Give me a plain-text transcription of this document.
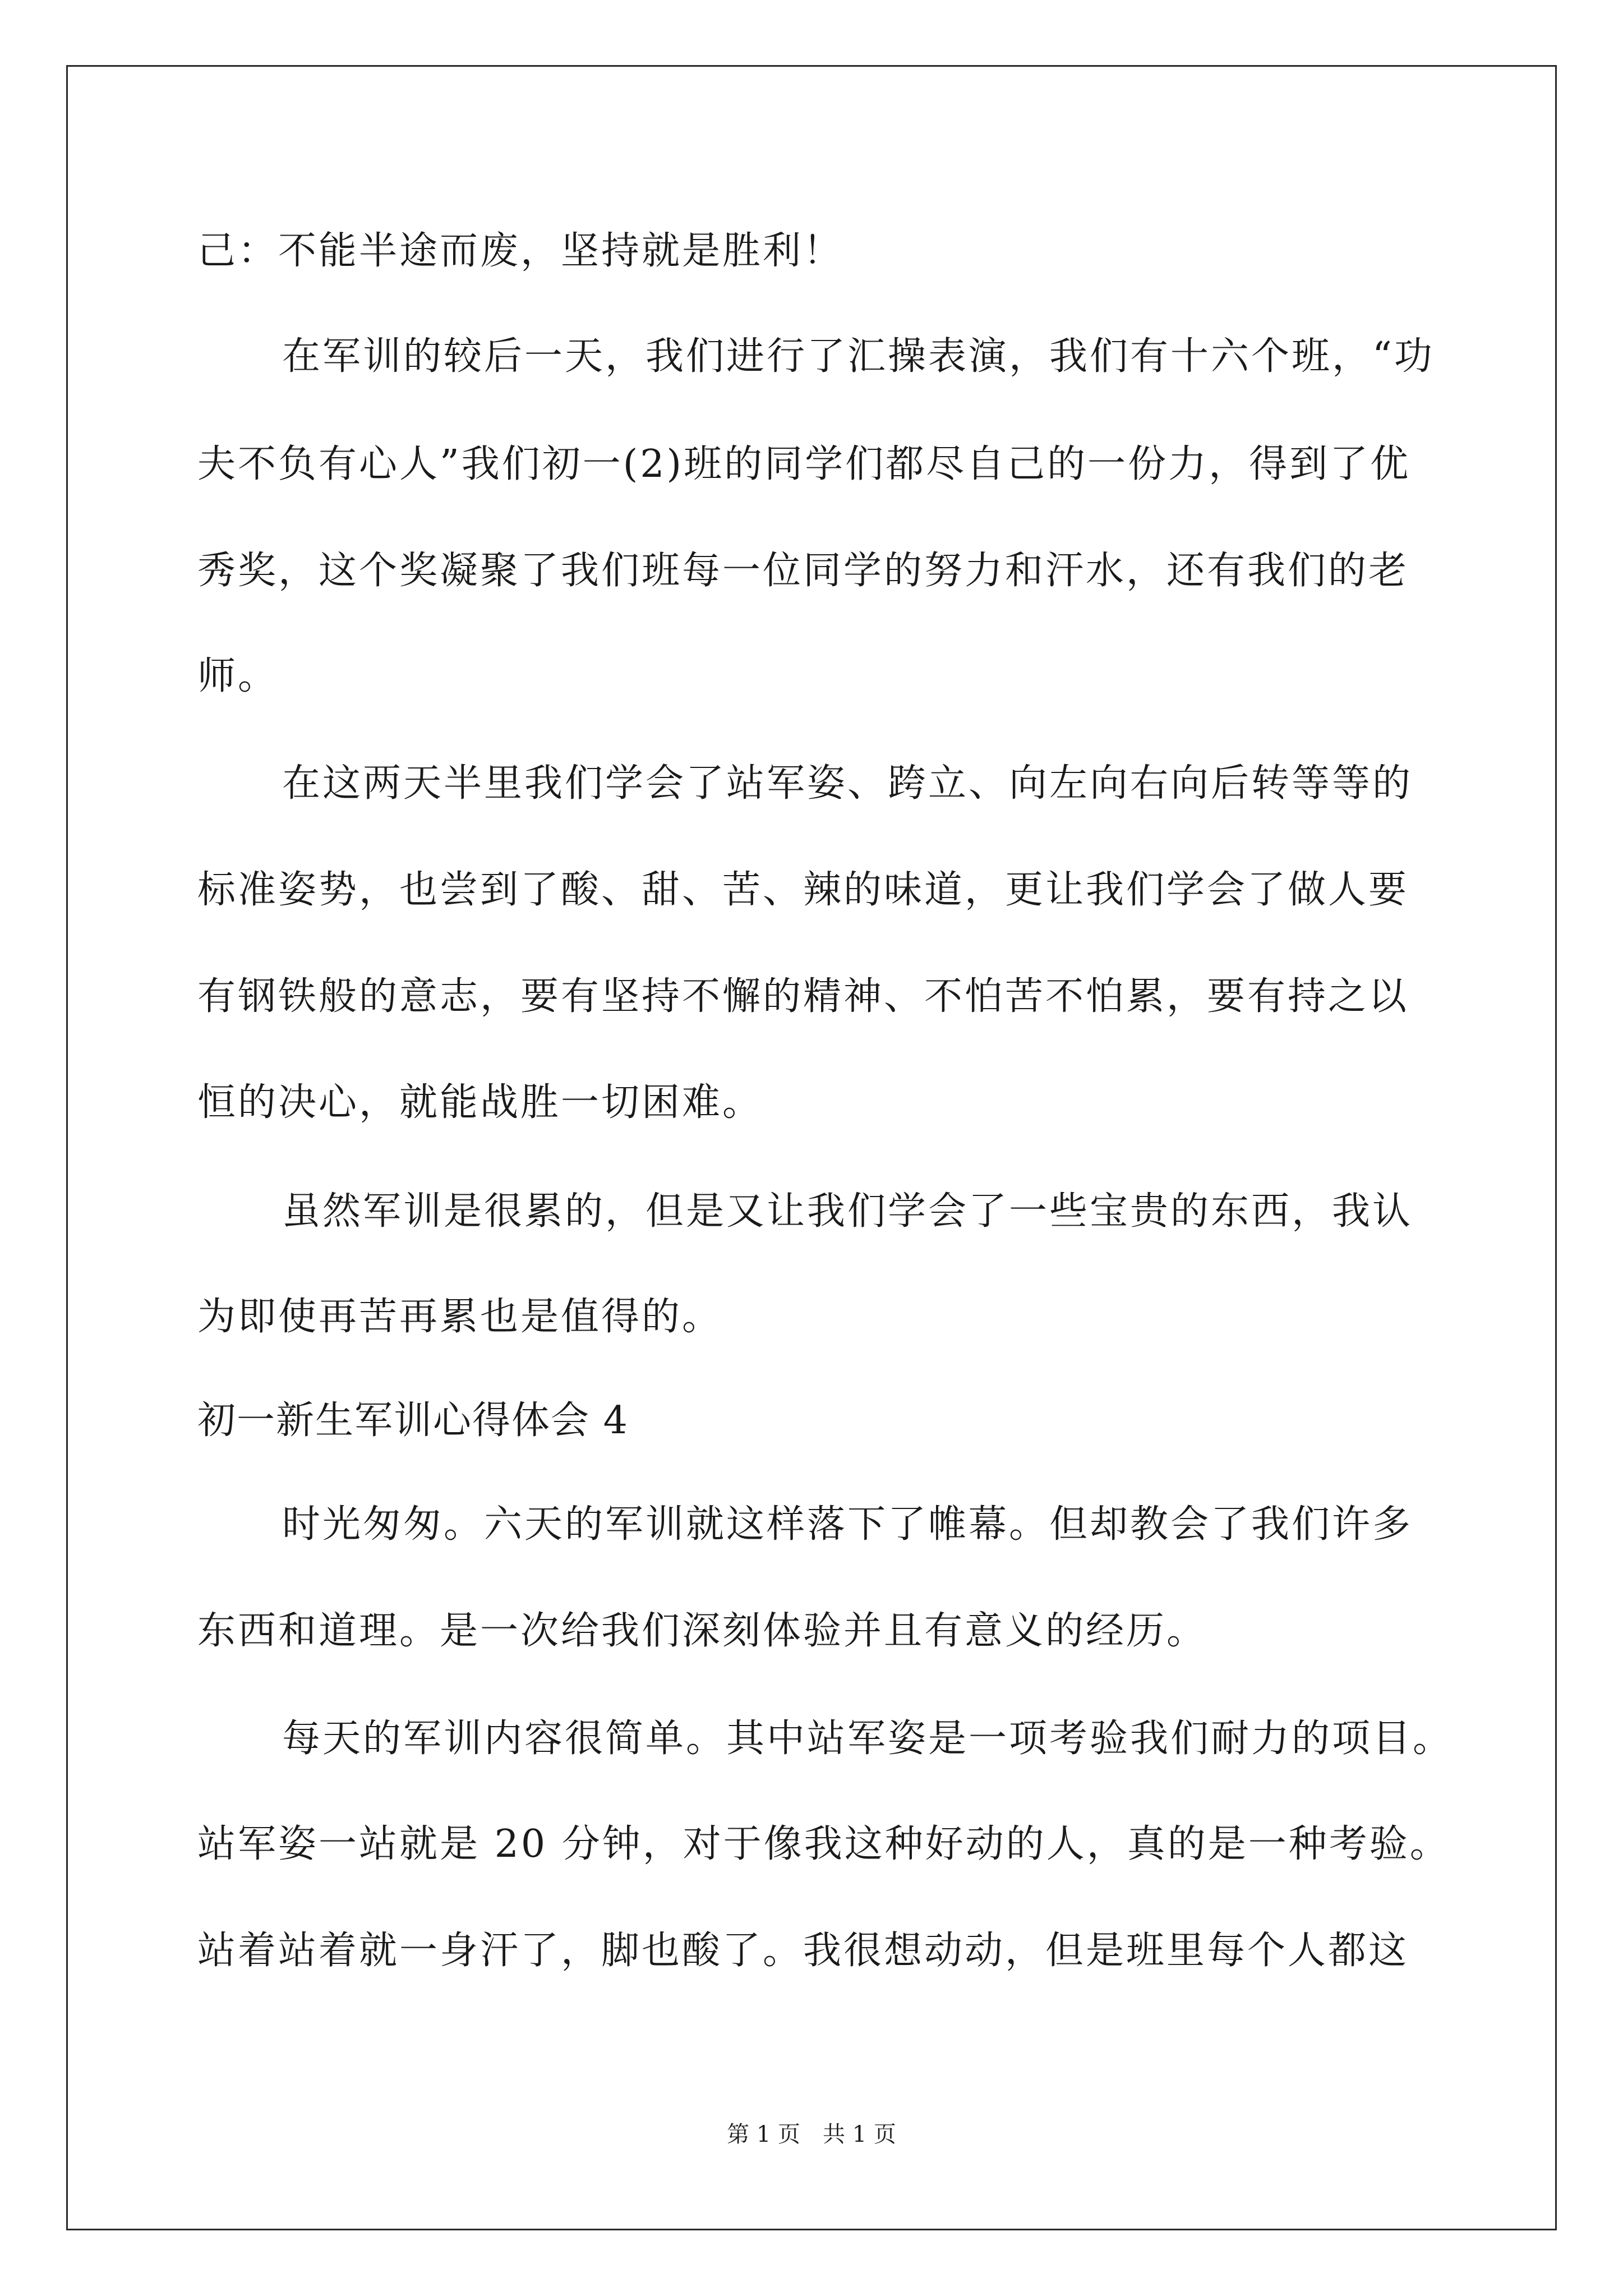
己：不能半途而废，坚持就是胜利！
在军训的较后一天，我们进行了汇操表演，我们有十六个班，“功
夫不负有心人”我们初一(2)班的同学们都尽自己的一份力，得到了优
秀奖，这个奖凝聚了我们班每一位同学的努力和汗水，还有我们的老
师。
在这两天半里我们学会了站军姿、跨立、向左向右向后转等等的
标准姿势，也尝到了酸、甜、苦、辣的味道，更让我们学会了做人要
有钢铁般的意志，要有坚持不懈的精神、不怕苦不怕累，要有持之以
恒的决心，就能战胜一切困难。
虽然军训是很累的，但是又让我们学会了一些宝贵的东西，我认
为即使再苦再累也是值得的。
初一新生军训心得体会 4
时光匆匆。六天的军训就这样落下了帷幕。但却教会了我们许多
东西和道理。是一次给我们深刻体验并且有意义的经历。
每天的军训内容很简单。其中站军姿是一项考验我们耐力的项目。
站军姿一站就是 20 分钟，对于像我这种好动的人，真的是一种考验。
站着站着就一身汗了，脚也酸了。我很想动动，但是班里每个人都这
第 1 页　共 1 页
